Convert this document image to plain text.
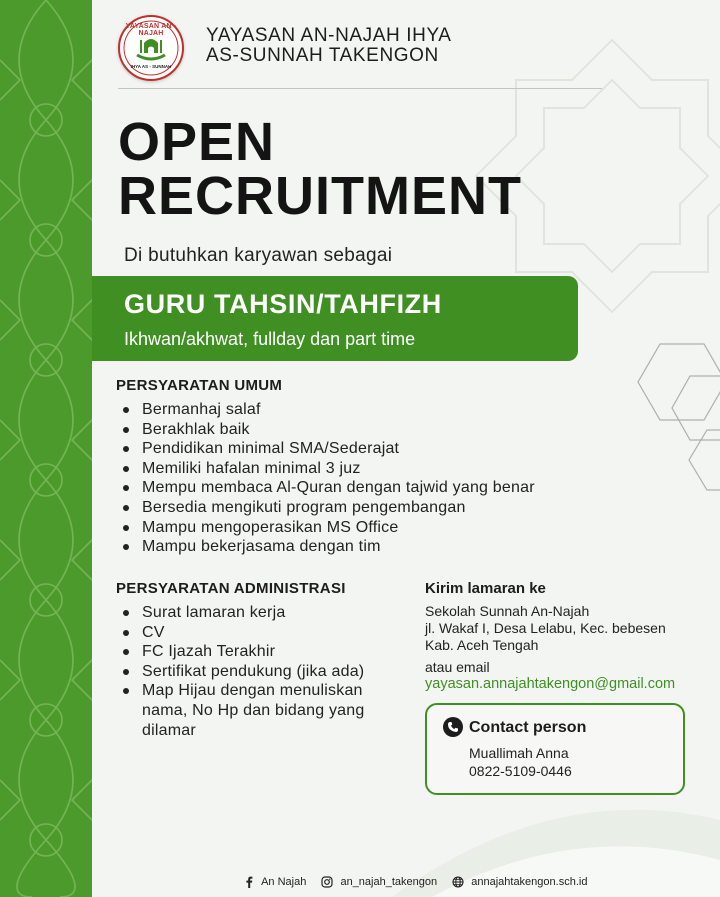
YAYASAN AN - NAJAH
IHYA AS - SUNNAH
YAYASAN AN-NAJAH IHYA
AS-SUNNAH TAKENGON
OPEN
RECRUITMENT
Di butuhkan karyawan sebagai
GURU TAHSIN/TAHFIZH
Ikhwan/akhwat, fullday dan part time
PERSYARATAN UMUM
Bermanhaj salaf
Berakhlak baik
Pendidikan minimal SMA/Sederajat
Memiliki hafalan minimal 3 juz
Mempu membaca Al-Quran dengan tajwid yang benar
Bersedia mengikuti program pengembangan
Mampu mengoperasikan MS Office
Mampu bekerjasama dengan tim
PERSYARATAN ADMINISTRASI
Surat lamaran kerja
CV
FC Ijazah Terakhir
Sertifikat pendukung (jika ada)
Map Hijau dengan menuliskan nama, No Hp dan bidang yang dilamar
Kirim lamaran ke
Sekolah Sunnah An-Najah
jl. Wakaf I, Desa Lelabu, Kec. bebesen
Kab. Aceh Tengah
atau email
yayasan.annajahtakengon@gmail.com
Contact person
Muallimah Anna
0822-5109-0446
An Najah	an_najah_takengon	annajahtakengon.sch.id
